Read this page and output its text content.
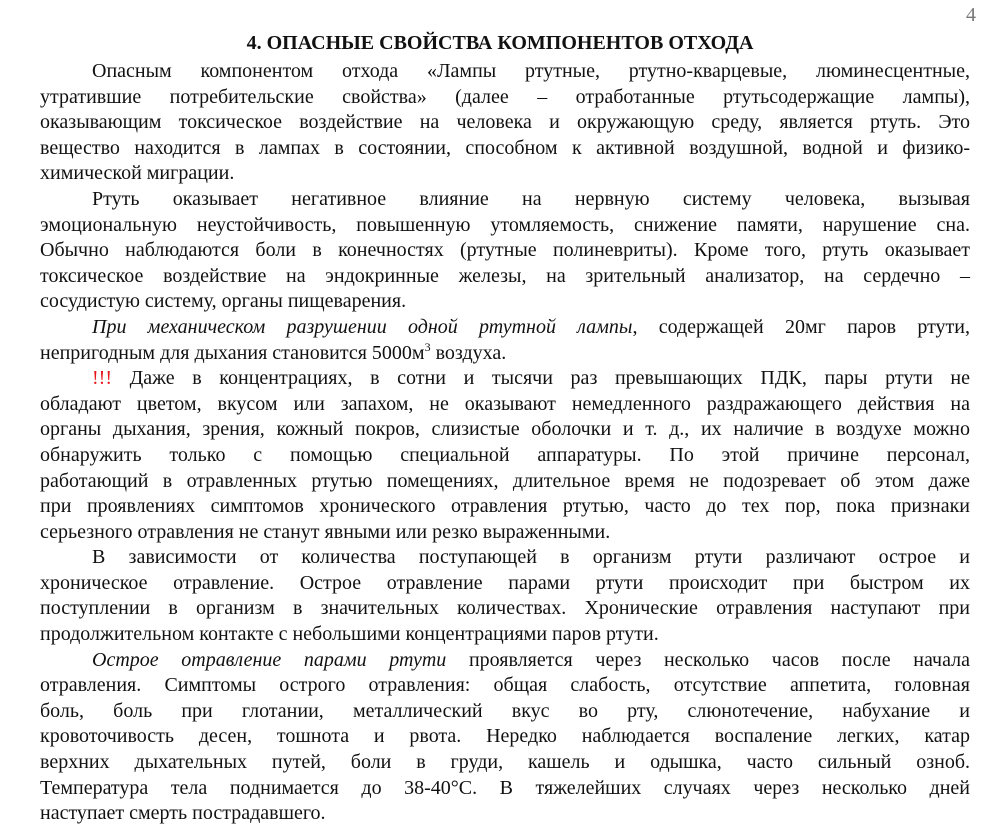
4
4. ОПАСНЫЕ СВОЙСТВА КОМПОНЕНТОВ ОТХОДА
Опасным компонентом отхода «Лампы ртутные, ртутно-кварцевые, люминесцентные,
утратившие потребительские свойства» (далее – отработанные ртутьсодержащие лампы),
оказывающим токсическое воздействие на человека и окружающую среду, является ртуть. Это
вещество находится в лампах в состоянии, способном к активной воздушной, водной и физико-
химической миграции.
Ртуть оказывает негативное влияние на нервную систему человека, вызывая
эмоциональную неустойчивость, повышенную утомляемость, снижение памяти, нарушение сна.
Обычно наблюдаются боли в конечностях (ртутные полиневриты). Кроме того, ртуть оказывает
токсическое воздействие на эндокринные железы, на зрительный анализатор, на сердечно –
сосудистую систему, органы пищеварения.
При механическом разрушении одной ртутной лампы, содержащей 20мг паров ртути,
непригодным для дыхания становится $5000м^3$ воздуха.
!!! Даже в концентрациях, в сотни и тысячи раз превышающих ПДК, пары ртути не
обладают цветом, вкусом или запахом, не оказывают немедленного раздражающего действия на
органы дыхания, зрения, кожный покров, слизистые оболочки и т. д., их наличие в воздухе можно
обнаружить только с помощью специальной аппаратуры. По этой причине персонал,
работающий в отравленных ртутью помещениях, длительное время не подозревает об этом даже
при проявлениях симптомов хронического отравления ртутью, часто до тех пор, пока признаки
серьезного отравления не станут явными или резко выраженными.
В зависимости от количества поступающей в организм ртути различают острое и
хроническое отравление. Острое отравление парами ртути происходит при быстром их
поступлении в организм в значительных количествах. Хронические отравления наступают при
продолжительном контакте с небольшими концентрациями паров ртути.
Острое отравление парами ртути проявляется через несколько часов после начала
отравления. Симптомы острого отравления: общая слабость, отсутствие аппетита, головная
боль, боль при глотании, металлический вкус во рту, слюнотечение, набухание и
кровоточивость десен, тошнота и рвота. Нередко наблюдается воспаление легких, катар
верхних дыхательных путей, боли в груди, кашель и одышка, часто сильный озноб.
Температура тела поднимается до 38-40°С. В тяжелейших случаях через несколько дней
наступает смерть пострадавшего.
